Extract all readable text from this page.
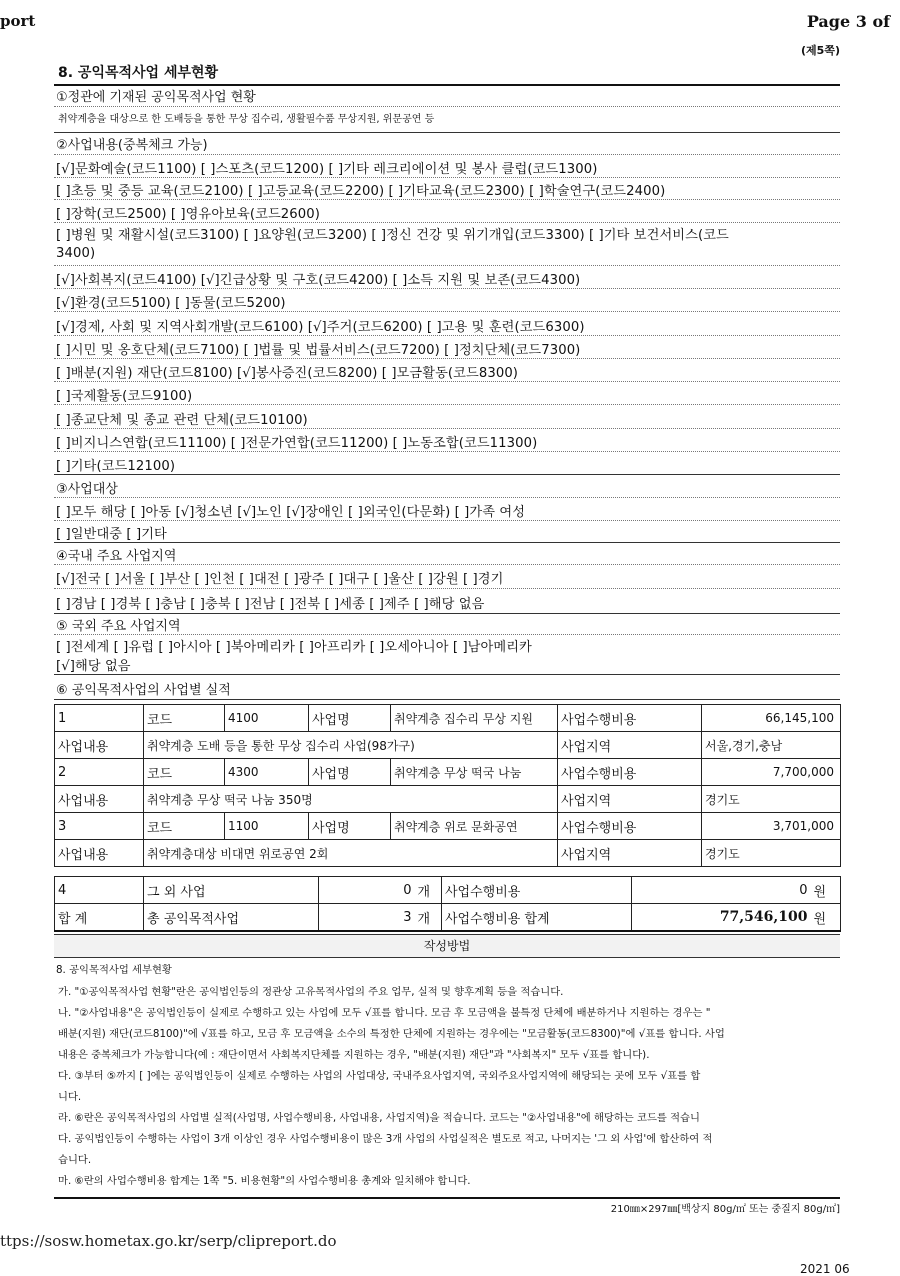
port	Page 3 of
(제5쪽)
8. 공익목적사업 세부현황
①정관에 기재된 공익목적사업 현황
취약계층을 대상으로 한 도배등을 통한 무상 집수리, 생활필수품 무상지원, 위문공연 등
②사업내용(중복체크 가능)
[√]문화예술(코드1100) [ ]스포츠(코드1200) [ ]기타 레크리에이션 및 봉사 클럽(코드1300)
[ ]초등 및 중등 교육(코드2100) [ ]고등교육(코드2200) [ ]기타교육(코드2300) [ ]학술연구(코드2400)
[ ]장학(코드2500) [ ]영유아보육(코드2600)
[ ]병원 및 재활시설(코드3100) [ ]요양원(코드3200) [ ]정신 건강 및 위기개입(코드3300) [ ]기타 보건서비스(코드
3400)
[√]사회복지(코드4100) [√]긴급상황 및 구호(코드4200) [ ]소득 지원 및 보존(코드4300)
[√]환경(코드5100) [ ]동물(코드5200)
[√]경제, 사회 및 지역사회개발(코드6100) [√]주거(코드6200) [ ]고용 및 훈련(코드6300)
[ ]시민 및 옹호단체(코드7100) [ ]법률 및 법률서비스(코드7200) [ ]정치단체(코드7300)
[ ]배분(지원) 재단(코드8100) [√]봉사증진(코드8200) [ ]모금활동(코드8300)
[ ]국제활동(코드9100)
[ ]종교단체 및 종교 관련 단체(코드10100)
[ ]비지니스연합(코드11100) [ ]전문가연합(코드11200) [ ]노동조합(코드11300)
[ ]기타(코드12100)
③사업대상
[ ]모두 해당 [ ]아동 [√]청소년 [√]노인 [√]장애인 [ ]외국인(다문화) [ ]가족 여성
[ ]일반대중 [ ]기타
④국내 주요 사업지역
[√]전국 [ ]서울 [ ]부산 [ ]인천 [ ]대전 [ ]광주 [ ]대구 [ ]울산 [ ]강원 [ ]경기
[ ]경남 [ ]경북 [ ]충남 [ ]충북 [ ]전남 [ ]전북 [ ]세종 [ ]제주 [ ]해당 없음
⑤ 국외 주요 사업지역
[ ]전세계 [ ]유럽 [ ]아시아 [ ]북아메리카 [ ]아프리카 [ ]오세아니아 [ ]남아메리카
[√]해당 없음
⑥ 공익목적사업의 사업별 실적
1	코드	4100	사업명	취약계층 집수리 무상 지원	사업수행비용	66,145,100
사업내용	취약계층 도배 등을 통한 무상 집수리 사업(98가구)				사업지역	서울,경기,충남
2	코드	4300	사업명	취약계층 무상 떡국 나눔	사업수행비용	7,700,000
사업내용	취약계층 무상 떡국 나눔 350명				사업지역	경기도
3	코드	1100	사업명	취약계층 위로 문화공연	사업수행비용	3,701,000
사업내용	취약계층대상 비대면 위로공연 2회				사업지역	경기도
4	그 외 사업	0	개	사업수행비용	0	원
합 계	총 공익목적사업	3	개	사업수행비용 합계	77,546,100	원
작성방법
8. 공익목적사업 세부현황

가. "①공익목적사업 현황"란은 공익법인등의 정관상 고유목적사업의 주요 업무, 실적 및 향후계획 등을 적습니다.

나. "②사업내용"은 공익법인등이 실제로 수행하고 있는 사업에 모두 √표를 합니다. 모금 후 모금액을 불특정 단체에 배분하거나 지원하는 경우는 "

배분(지원) 재단(코드8100)"에 √표를 하고, 모금 후 모금액을 소수의 특정한 단체에 지원하는 경우에는 "모금활동(코드8300)"에 √표를 합니다. 사업

내용은 중복체크가 가능합니다(예 : 재단이면서 사회복지단체를 지원하는 경우, "배분(지원) 재단"과 "사회복지" 모두 √표를 합니다).

다. ③부터 ⑤까지 [ ]에는 공익법인등이 실제로 수행하는 사업의 사업대상, 국내주요사업지역, 국외주요사업지역에 해당되는 곳에 모두 √표를 합

니다.

라. ⑥란은 공익목적사업의 사업별 실적(사업명, 사업수행비용, 사업내용, 사업지역)을 적습니다. 코드는 "②사업내용"에 해당하는 코드를 적습니

다. 공익법인등이 수행하는 사업이 3개 이상인 경우 사업수행비용이 많은 3개 사업의 사업실적은 별도로 적고, 나머지는 '그 외 사업'에 합산하여 적

습니다.

마. ⑥란의 사업수행비용 합계는 1쪽 "5. 비용현황"의 사업수행비용 총계와 일치해야 합니다.

210㎜×297㎜[백상지 80g/㎡ 또는 중질지 80g/㎡]
ttps://sosw.hometax.go.kr/serp/clipreport.do
2021 06
